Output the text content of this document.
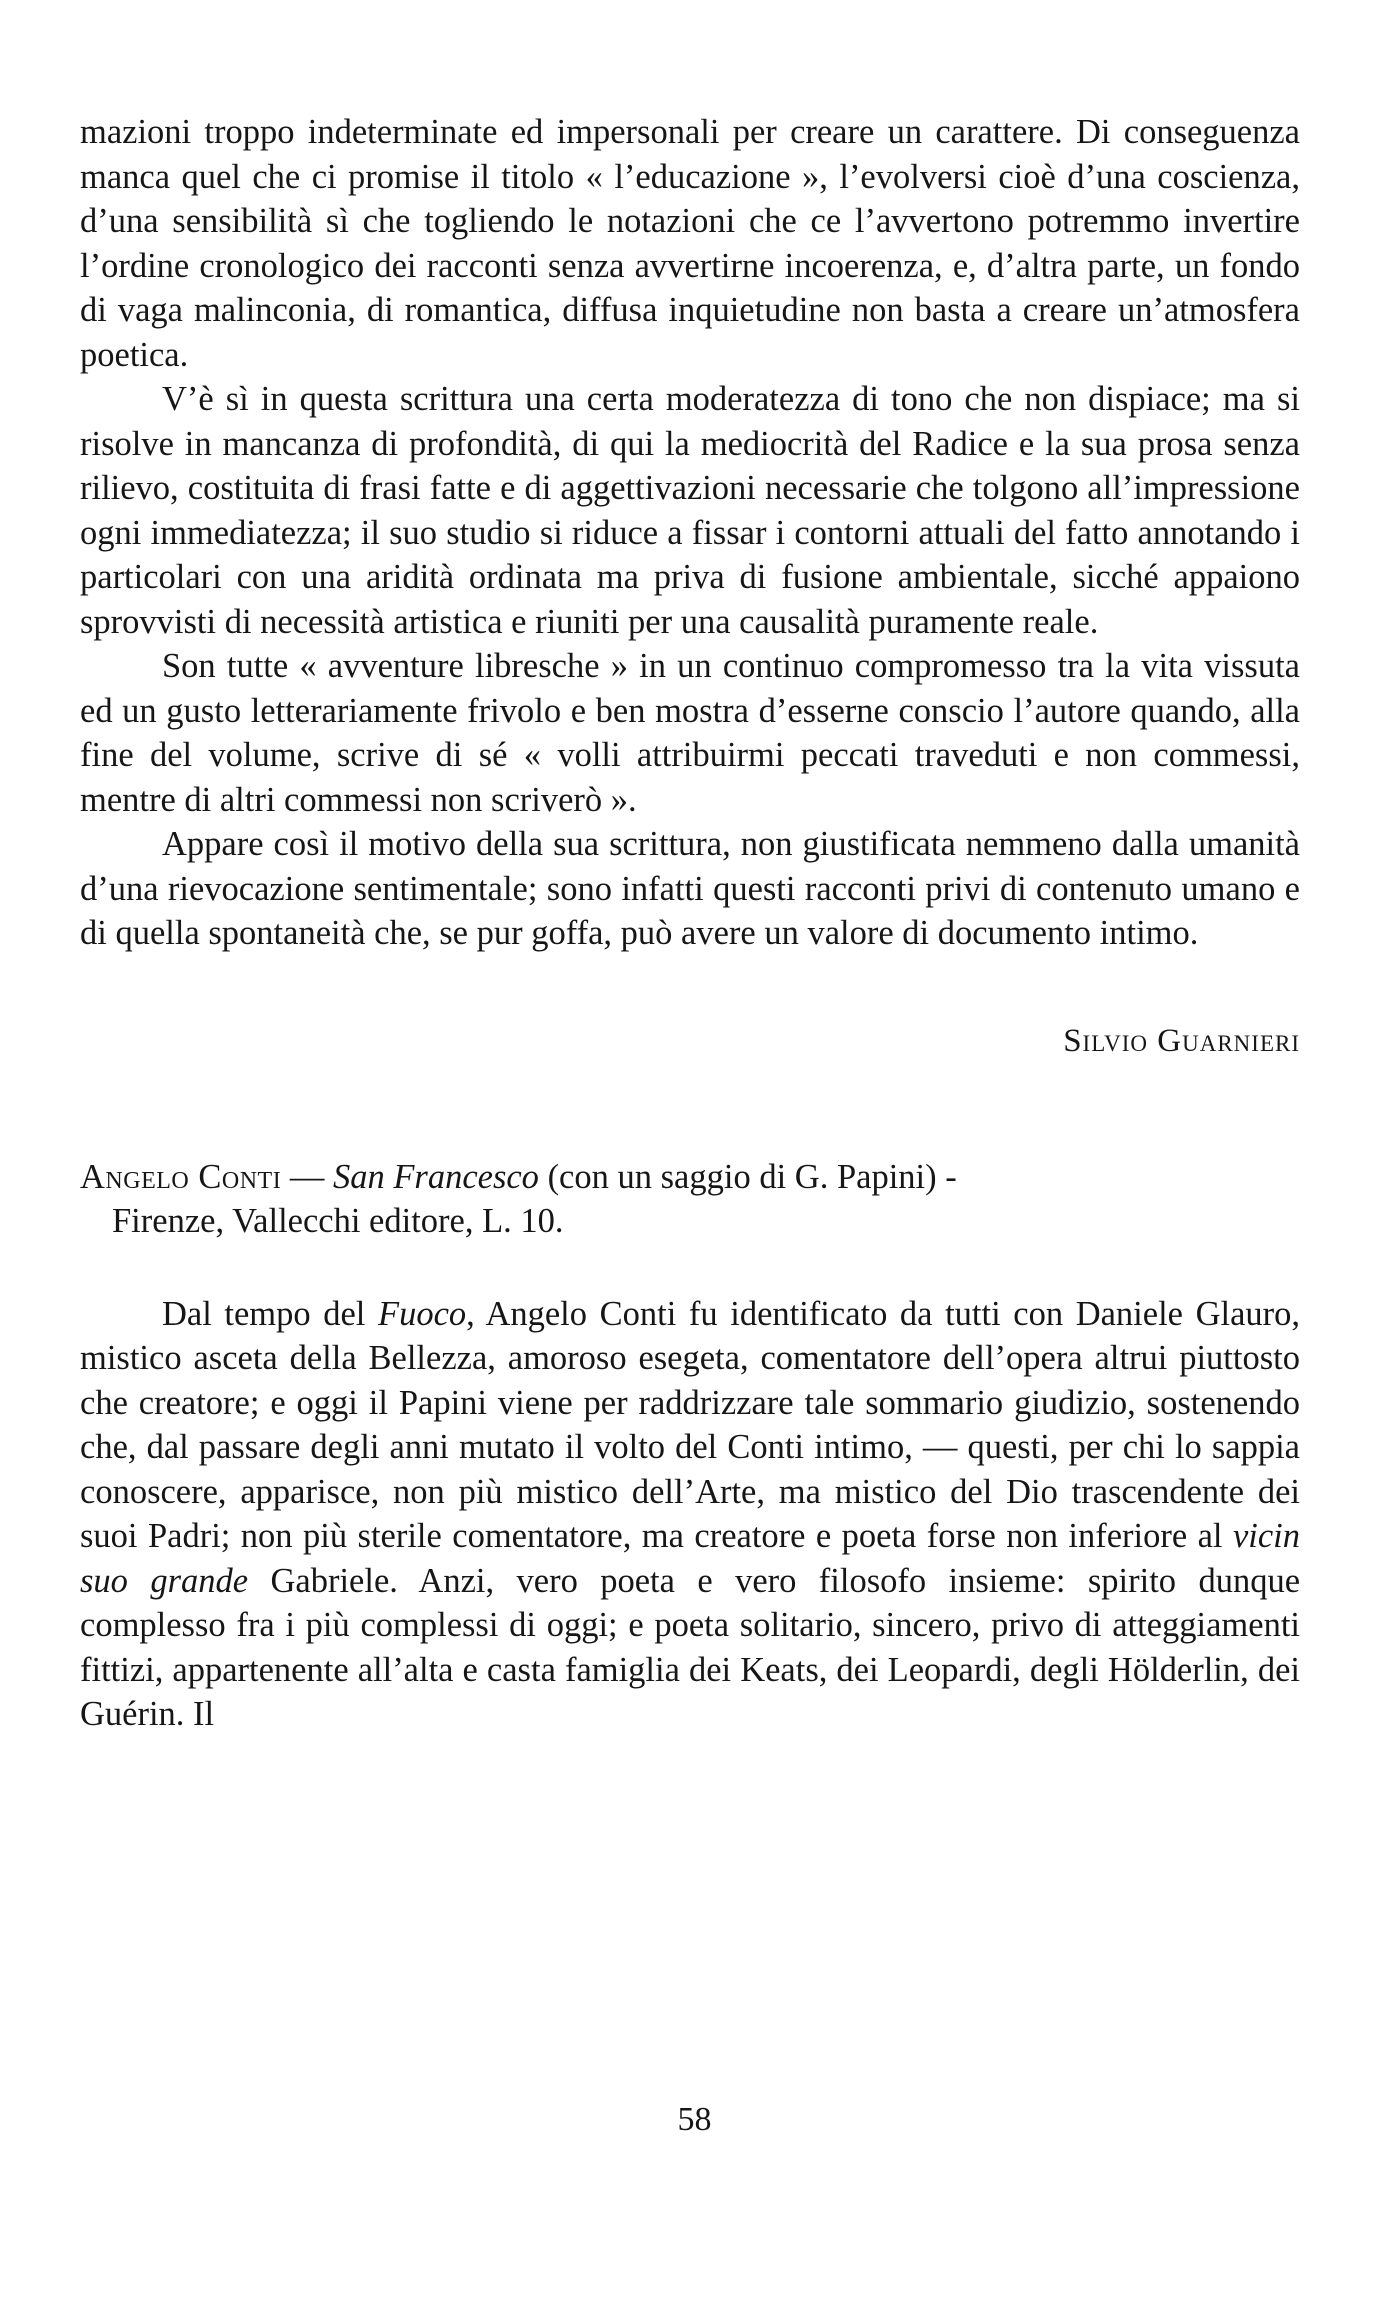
mazioni troppo indeterminate ed impersonali per creare un carattere. Di conseguenza manca quel che ci promise il titolo « l’educazione », l’evolversi cioè d’una coscienza, d’una sensibilità sì che togliendo le notazioni che ce l’avvertono potremmo invertire l’ordine cronologico dei racconti senza avvertirne incoerenza, e, d’altra parte, un fondo di vaga malinconia, di romantica, diffusa inquietudine non basta a creare un’atmosfera poetica.

V’è sì in questa scrittura una certa moderatezza di tono che non dispiace; ma si risolve in mancanza di profondità, di qui la mediocrità del Radice e la sua prosa senza rilievo, costituita di frasi fatte e di aggettivazioni necessarie che tolgono all’impressione ogni immediatezza; il suo studio si riduce a fissar i contorni attuali del fatto annotando i particolari con una aridità ordinata ma priva di fusione ambientale, sicché appaiono sprovvisti di necessità artistica e riuniti per una causalità puramente reale.

Son tutte « avventure libresche » in un continuo compromesso tra la vita vissuta ed un gusto letterariamente frivolo e ben mostra d’esserne conscio l’autore quando, alla fine del volume, scrive di sé « volli attribuirmi peccati traveduti e non commessi, mentre di altri commessi non scriverò ».

Appare così il motivo della sua scrittura, non giustificata nemmeno dalla umanità d’una rievocazione sentimentale; sono infatti questi racconti privi di contenuto umano e di quella spontaneità che, se pur goffa, può avere un valore di documento intimo.

Silvio Guarnieri

Angelo Conti — San Francesco (con un saggio di G. Papini) -
Firenze, Vallecchi editore, L. 10.

Dal tempo del Fuoco, Angelo Conti fu identificato da tutti con Daniele Glauro, mistico asceta della Bellezza, amoroso esegeta, comentatore dell’opera altrui piuttosto che creatore; e oggi il Papini viene per raddrizzare tale sommario giudizio, sostenendo che, dal passare degli anni mutato il volto del Conti intimo, — questi, per chi lo sappia conoscere, apparisce, non più mistico dell’Arte, ma mistico del Dio trascendente dei suoi Padri; non più sterile comentatore, ma creatore e poeta forse non inferiore al vicin suo grande Gabriele. Anzi, vero poeta e vero filosofo insieme: spirito dunque complesso fra i più complessi di oggi; e poeta solitario, sincero, privo di atteggiamenti fittizi, appartenente all’alta e casta famiglia dei Keats, dei Leopardi, degli Hölderlin, dei Guérin. Il

58
